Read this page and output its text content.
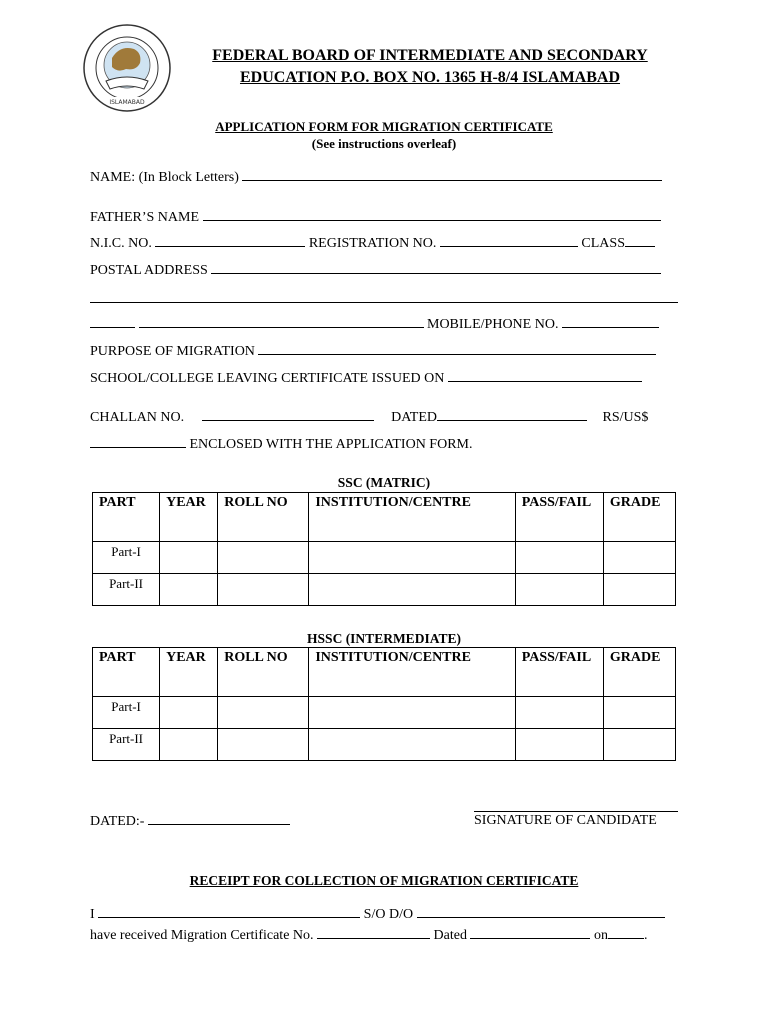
ISLAMABAD
FEDERAL BOARD OF INTERMEDIATE AND SECONDARY
EDUCATION P.O. BOX NO. 1365 H-8/4 ISLAMABAD
APPLICATION FORM FOR MIGRATION CERTIFICATE
(See instructions overleaf)
NAME: (In Block Letters)
FATHER’S NAME
N.I.C. NO.	REGISTRATION NO.	CLASS
POSTAL ADDRESS
MOBILE/PHONE NO.
PURPOSE OF MIGRATION
SCHOOL/COLLEGE LEAVING CERTIFICATE ISSUED ON
CHALLAN NO.	DATED	RS/US$
ENCLOSED WITH THE APPLICATION FORM.
SSC (MATRIC)
PART	YEAR	ROLL NO	INSTITUTION/CENTRE	PASS/FAIL	GRADE
Part-I					
Part-II					
HSSC (INTERMEDIATE)
PART	YEAR	ROLL NO	INSTITUTION/CENTRE	PASS/FAIL	GRADE
Part-I					
Part-II					
DATED:-	SIGNATURE OF CANDIDATE
RECEIPT FOR COLLECTION OF MIGRATION CERTIFICATE
I	S/O D/O
have received Migration Certificate No.	Dated	on	.
